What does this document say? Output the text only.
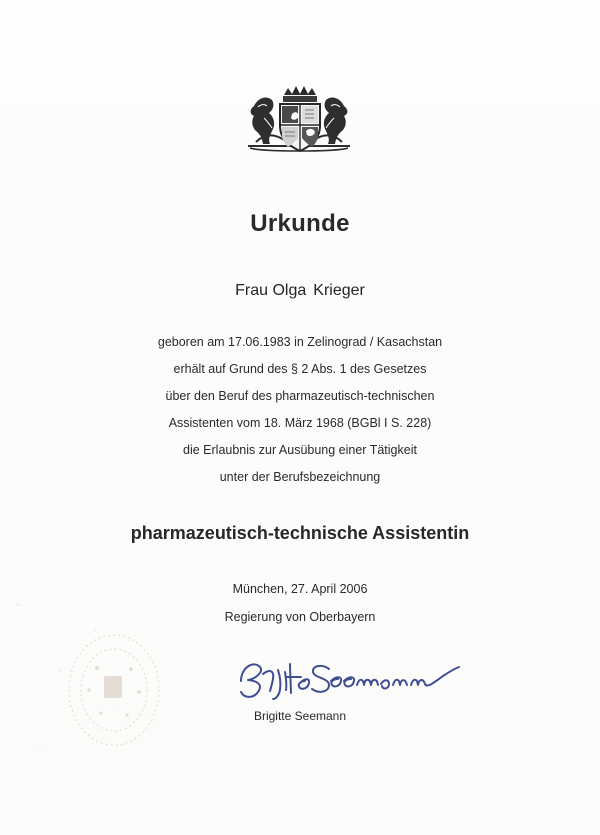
Urkunde
Frau Olga Krieger
geboren am 17.06.1983 in Zelinograd / Kasachstan
erhält auf Grund des § 2 Abs. 1 des Gesetzes
über den Beruf des pharmazeutisch-technischen
Assistenten vom 18. März 1968 (BGBl I S. 228)
die Erlaubnis zur Ausübung einer Tätigkeit
unter der Berufsbezeichnung
pharmazeutisch-technische Assistentin
München, 27. April 2006
Regierung von Oberbayern
Brigitte Seemann
